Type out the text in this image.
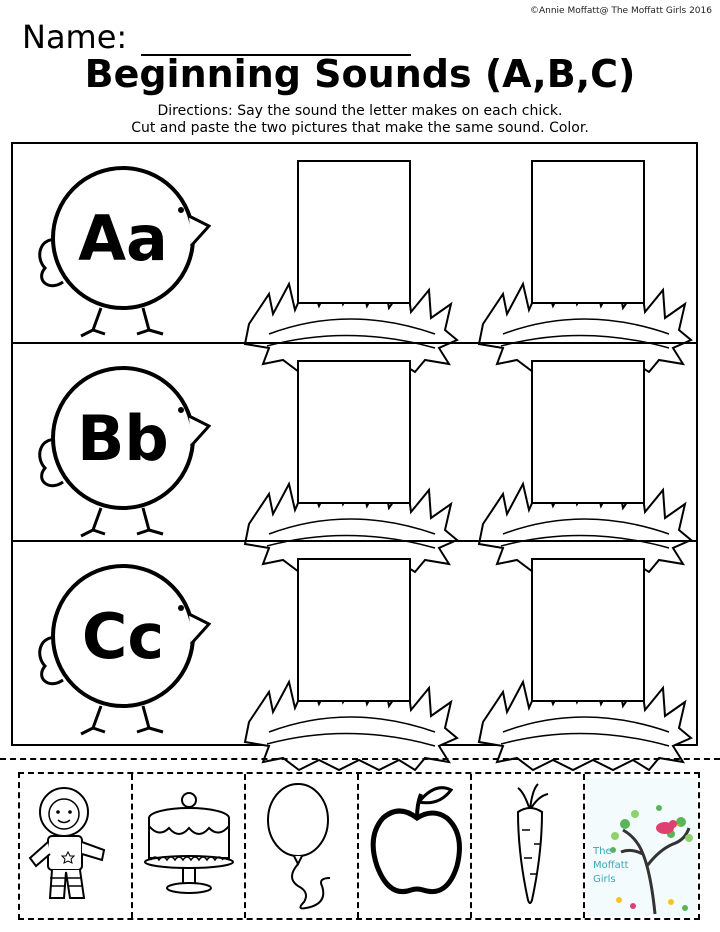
©Annie Moffatt@ The Moffatt Girls 2016
Name:
Beginning Sounds (A,B,C)
Directions: Say the sound the letter makes on each chick.
Cut and paste the two pictures that make the same sound. Color.
Aa
Bb
Cc
The
Moffatt
Girls
